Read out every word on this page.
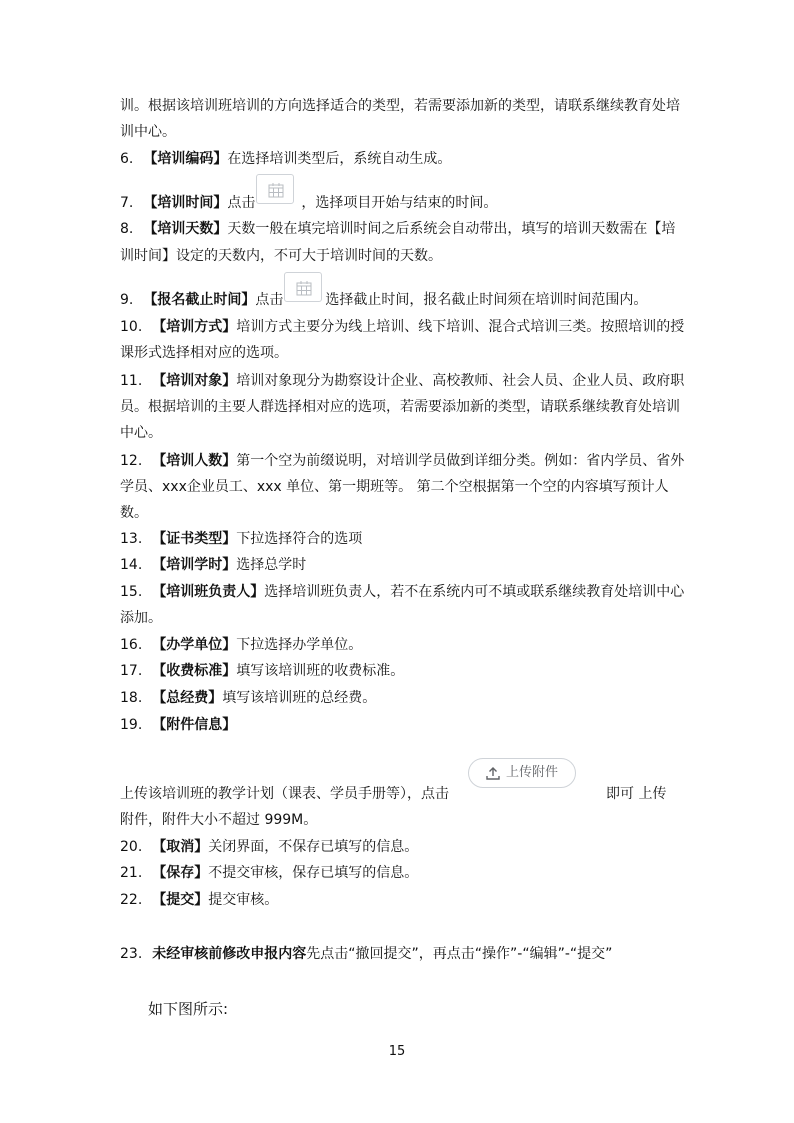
训。根据该培训班培训的方向选择适合的类型，若需要添加新的类型，请联系继续教育处培
训中心。
6. 【培训编码】在选择培训类型后，系统自动生成。
7. 【培训时间】点击	，选择项目开始与结束的时间。
8. 【培训天数】天数一般在填完培训时间之后系统会自动带出，填写的培训天数需在【培
训时间】设定的天数内，不可大于培训时间的天数。
9. 【报名截止时间】点击	选择截止时间，报名截止时间须在培训时间范围内。
10. 【培训方式】培训方式主要分为线上培训、线下培训、混合式培训三类。按照培训的授
课形式选择相对应的选项。
11. 【培训对象】培训对象现分为勘察设计企业、高校教师、社会人员、企业人员、政府职
员。根据培训的主要人群选择相对应的选项，若需要添加新的类型，请联系继续教育处培训
中心。
12. 【培训人数】第一个空为前缀说明，对培训学员做到详细分类。例如：省内学员、省外
学员、xxx企业员工、xxx 单位、第一期班等。 第二个空根据第一个空的内容填写预计人
数。
13. 【证书类型】下拉选择符合的选项
14. 【培训学时】选择总学时
15. 【培训班负责人】选择培训班负责人，若不在系统内可不填或联系继续教育处培训中心
添加。
16. 【办学单位】下拉选择办学单位。
17. 【收费标准】填写该培训班的收费标准。
18. 【总经费】填写该培训班的总经费。
19. 【附件信息】
上传附件
上传该培训班的教学计划（课表、学员手册等），点击	即可 上传
附件，附件大小不超过 999M。
20. 【取消】关闭界面，不保存已填写的信息。
21. 【保存】不提交审核，保存已填写的信息。
22. 【提交】提交审核。
23. 未经审核前修改申报内容先点击“撤回提交”，再点击“操作”-“编辑”-“提交”
如下图所示:
15
